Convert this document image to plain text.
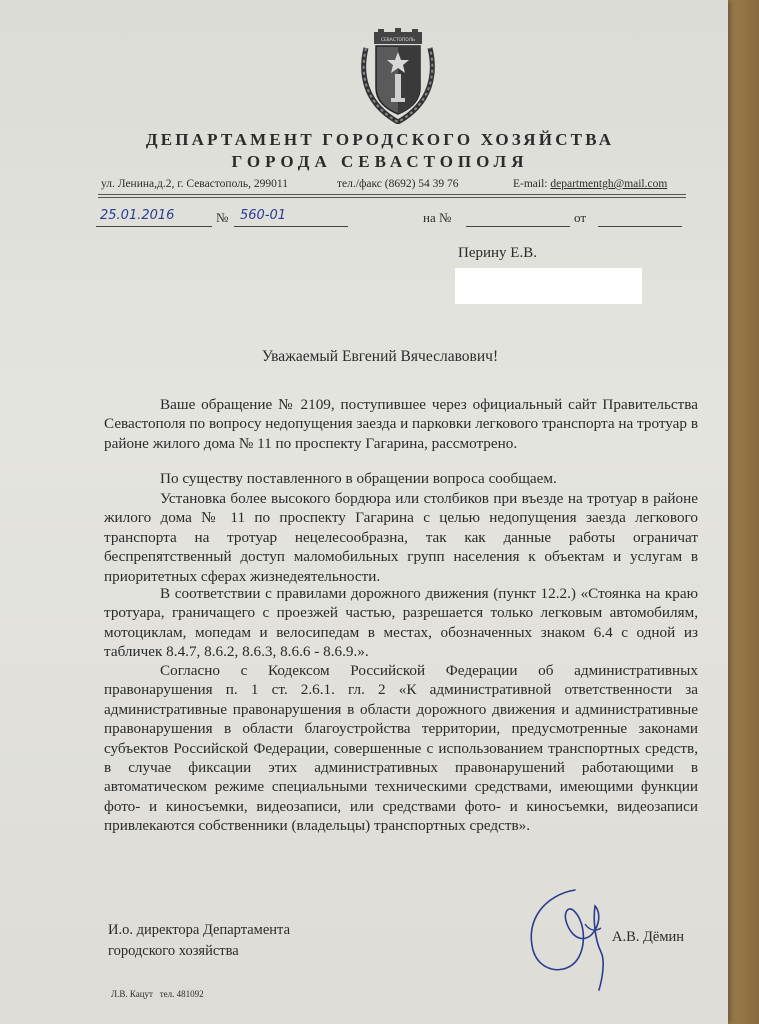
СЕВАСТОПОЛЬ
ДЕПАРТАМЕНТ ГОРОДСКОГО ХОЗЯЙСТВА
ГОРОДА СЕВАСТОПОЛЯ
ул. Ленина,д.2, г. Севастополь, 299011	тел./факс (8692) 54 39 76	E-mail: departmentgh@mail.com
25.01.2016	№ 560-01	на №	от
Перину Е.В.
Уважаемый Евгений Вячеславович!
Ваше обращение № 2109, поступившее через официальный сайт Правительства Севастополя по вопросу недопущения заезда и парковки легкового транспорта на тротуар в районе жилого дома № 11 по проспекту Гагарина, рассмотрено.
По существу поставленного в обращении вопроса сообщаем.
Установка более высокого бордюра или столбиков при въезде на тротуар в районе жилого дома № 11 по проспекту Гагарина с целью недопущения заезда легкового транспорта на тротуар нецелесообразна, так как данные работы ограничат беспрепятственный доступ маломобильных групп населения к объектам и услугам в приоритетных сферах жизнедеятельности.
В соответствии с правилами дорожного движения (пункт 12.2.) «Стоянка на краю тротуара, граничащего с проезжей частью, разрешается только легковым автомобилям, мотоциклам, мопедам и велосипедам в местах, обозначенных знаком 6.4 с одной из табличек 8.4.7, 8.6.2, 8.6.3, 8.6.6 - 8.6.9.».
Согласно с Кодексом Российской Федерации об административных правонарушения п. 1 ст. 2.6.1. гл. 2 «К административной ответственности за административные правонарушения в области дорожного движения и административные правонарушения в области благоустройства территории, предусмотренные законами субъектов Российской Федерации, совершенные с использованием транспортных средств, в случае фиксации этих административных правонарушений работающими в автоматическом режиме специальными техническими средствами, имеющими функции фото- и киносъемки, видеозаписи, или средствами фото- и киносъемки, видеозаписи привлекаются собственники (владельцы) транспортных средств».
И.о. директора Департамента
городского хозяйства
А.В. Дёмин
Л.В. Кацут тел. 481092
